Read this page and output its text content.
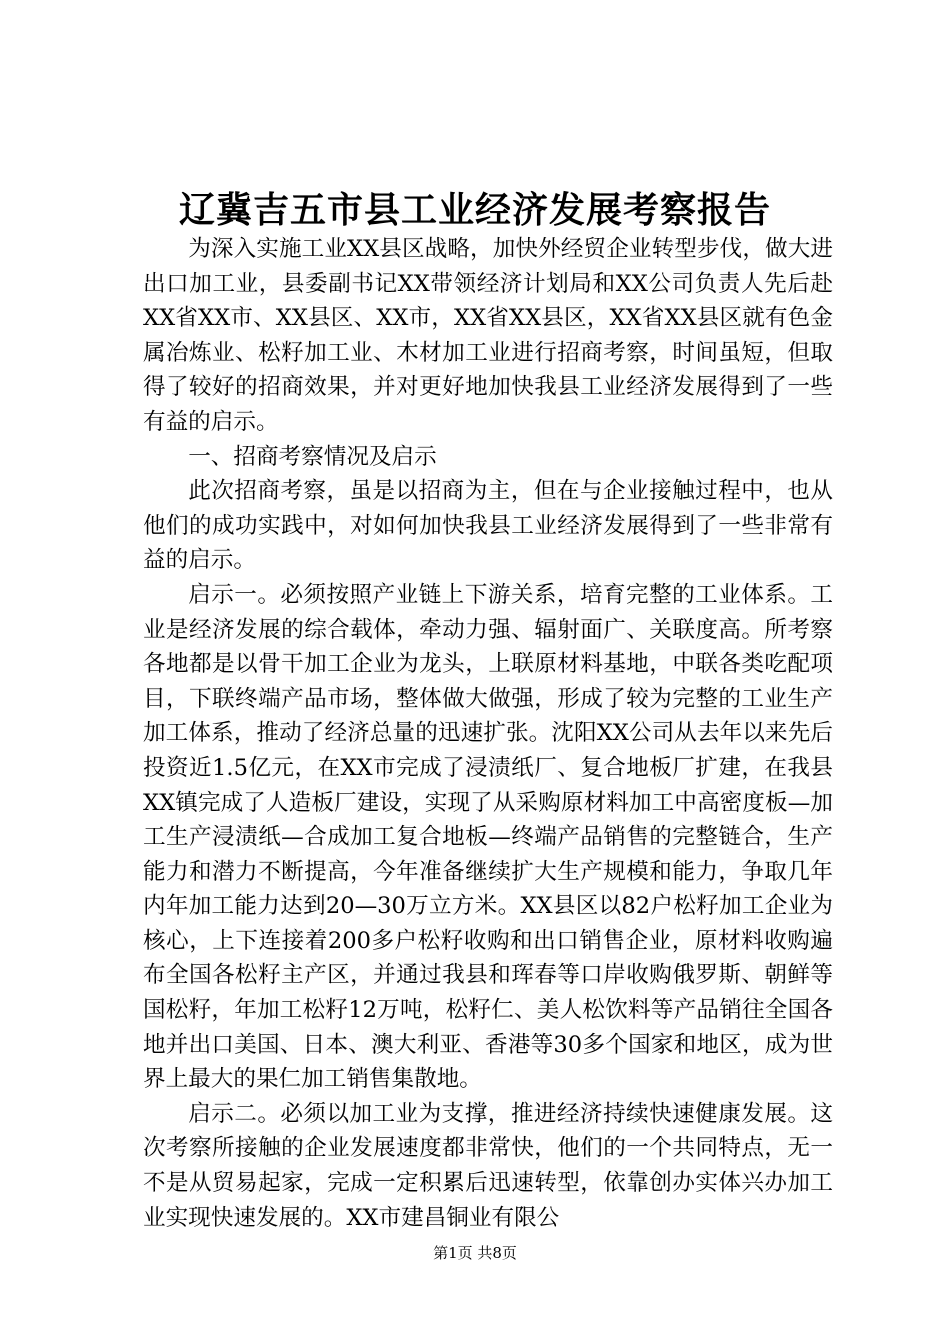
辽冀吉五市县工业经济发展考察报告

为深入实施工业XX县区战略，加快外经贸企业转型步伐，做大进出口加工业，县委副书记XX带领经济计划局和XX公司负责人先后赴XX省XX市、XX县区、XX市，XX省XX县区，XX省XX县区就有色金属冶炼业、松籽加工业、木材加工业进行招商考察，时间虽短，但取得了较好的招商效果，并对更好地加快我县工业经济发展得到了一些有益的启示。

一、招商考察情况及启示

此次招商考察，虽是以招商为主，但在与企业接触过程中，也从他们的成功实践中，对如何加快我县工业经济发展得到了一些非常有益的启示。

启示一。必须按照产业链上下游关系，培育完整的工业体系。工业是经济发展的综合载体，牵动力强、辐射面广、关联度高。所考察各地都是以骨干加工企业为龙头，上联原材料基地，中联各类吃配项目，下联终端产品市场，整体做大做强，形成了较为完整的工业生产加工体系，推动了经济总量的迅速扩张。沈阳XX公司从去年以来先后投资近1.5亿元，在XX市完成了浸渍纸厂、复合地板厂扩建，在我县XX镇完成了人造板厂建设，实现了从采购原材料加工中高密度板—加工生产浸渍纸—合成加工复合地板—终端产品销售的完整链合，生产能力和潜力不断提高，今年准备继续扩大生产规模和能力，争取几年内年加工能力达到20—30万立方米。XX县区以82户松籽加工企业为核心，上下连接着200多户松籽收购和出口销售企业，原材料收购遍布全国各松籽主产区，并通过我县和珲春等口岸收购俄罗斯、朝鲜等国松籽，年加工松籽12万吨，松籽仁、美人松饮料等产品销往全国各地并出口美国、日本、澳大利亚、香港等30多个国家和地区，成为世界上最大的果仁加工销售集散地。

启示二。必须以加工业为支撑，推进经济持续快速健康发展。这次考察所接触的企业发展速度都非常快，他们的一个共同特点，无一不是从贸易起家，完成一定积累后迅速转型，依靠创办实体兴办加工业实现快速发展的。XX市建昌铜业有限公

第1页 共8页
